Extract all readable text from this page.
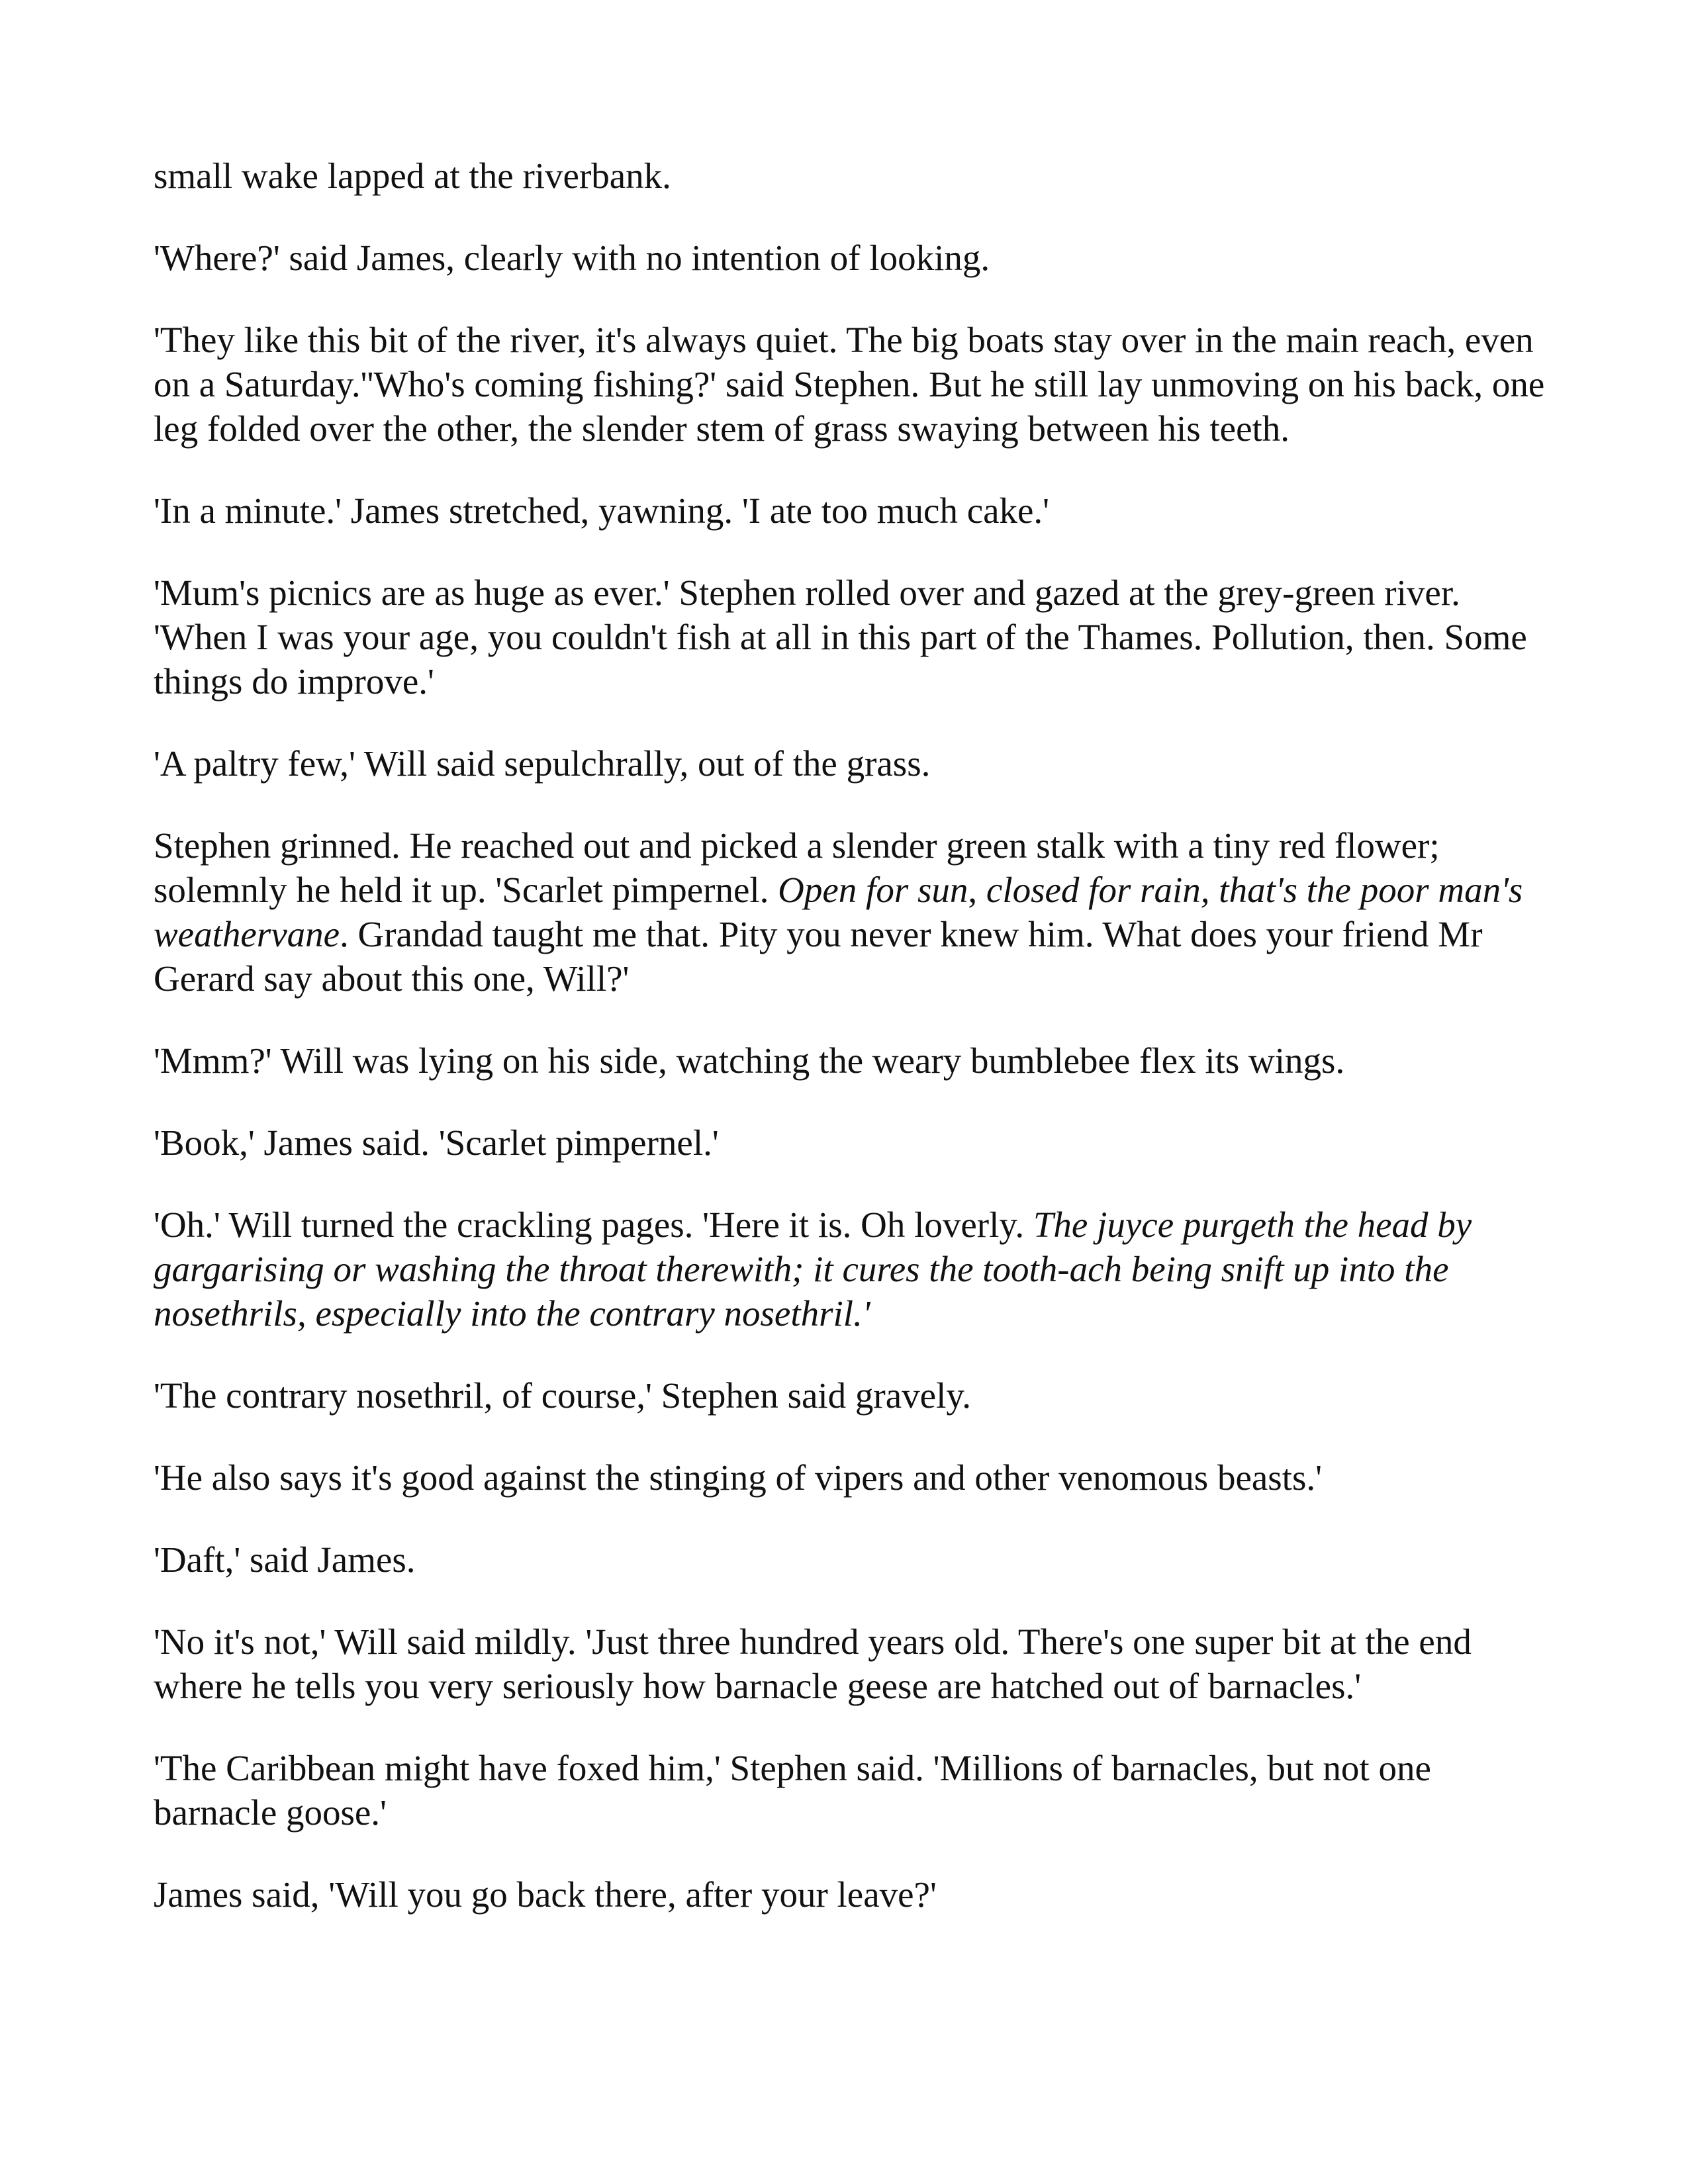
small wake lapped at the riverbank.

'Where?' said James, clearly with no intention of looking.

'They like this bit of the river, it's always quiet. The big boats stay over in the main reach, even on a Saturday.''Who's coming fishing?' said Stephen. But he still lay unmoving on his back, one leg folded over the other, the slender stem of grass swaying between his teeth.

'In a minute.' James stretched, yawning. 'I ate too much cake.'

'Mum's picnics are as huge as ever.' Stephen rolled over and gazed at the grey-green river. 'When I was your age, you couldn't fish at all in this part of the Thames. Pollution, then. Some things do improve.'

'A paltry few,' Will said sepulchrally, out of the grass.

Stephen grinned. He reached out and picked a slender green stalk with a tiny red flower; solemnly he held it up. 'Scarlet pimpernel. Open for sun, closed for rain, that's the poor man's weathervane. Grandad taught me that. Pity you never knew him. What does your friend Mr Gerard say about this one, Will?'

'Mmm?' Will was lying on his side, watching the weary bumblebee flex its wings.

'Book,' James said. 'Scarlet pimpernel.'

'Oh.' Will turned the crackling pages. 'Here it is. Oh loverly. The juyce purgeth the head by gargarising or washing the throat therewith; it cures the tooth-ach being snift up into the nosethrils, especially into the contrary nosethril.'

'The contrary nosethril, of course,' Stephen said gravely.

'He also says it's good against the stinging of vipers and other venomous beasts.'

'Daft,' said James.

'No it's not,' Will said mildly. 'Just three hundred years old. There's one super bit at the end where he tells you very seriously how barnacle geese are hatched out of barnacles.'

'The Caribbean might have foxed him,' Stephen said. 'Millions of barnacles, but not one barnacle goose.'

James said, 'Will you go back there, after your leave?'
